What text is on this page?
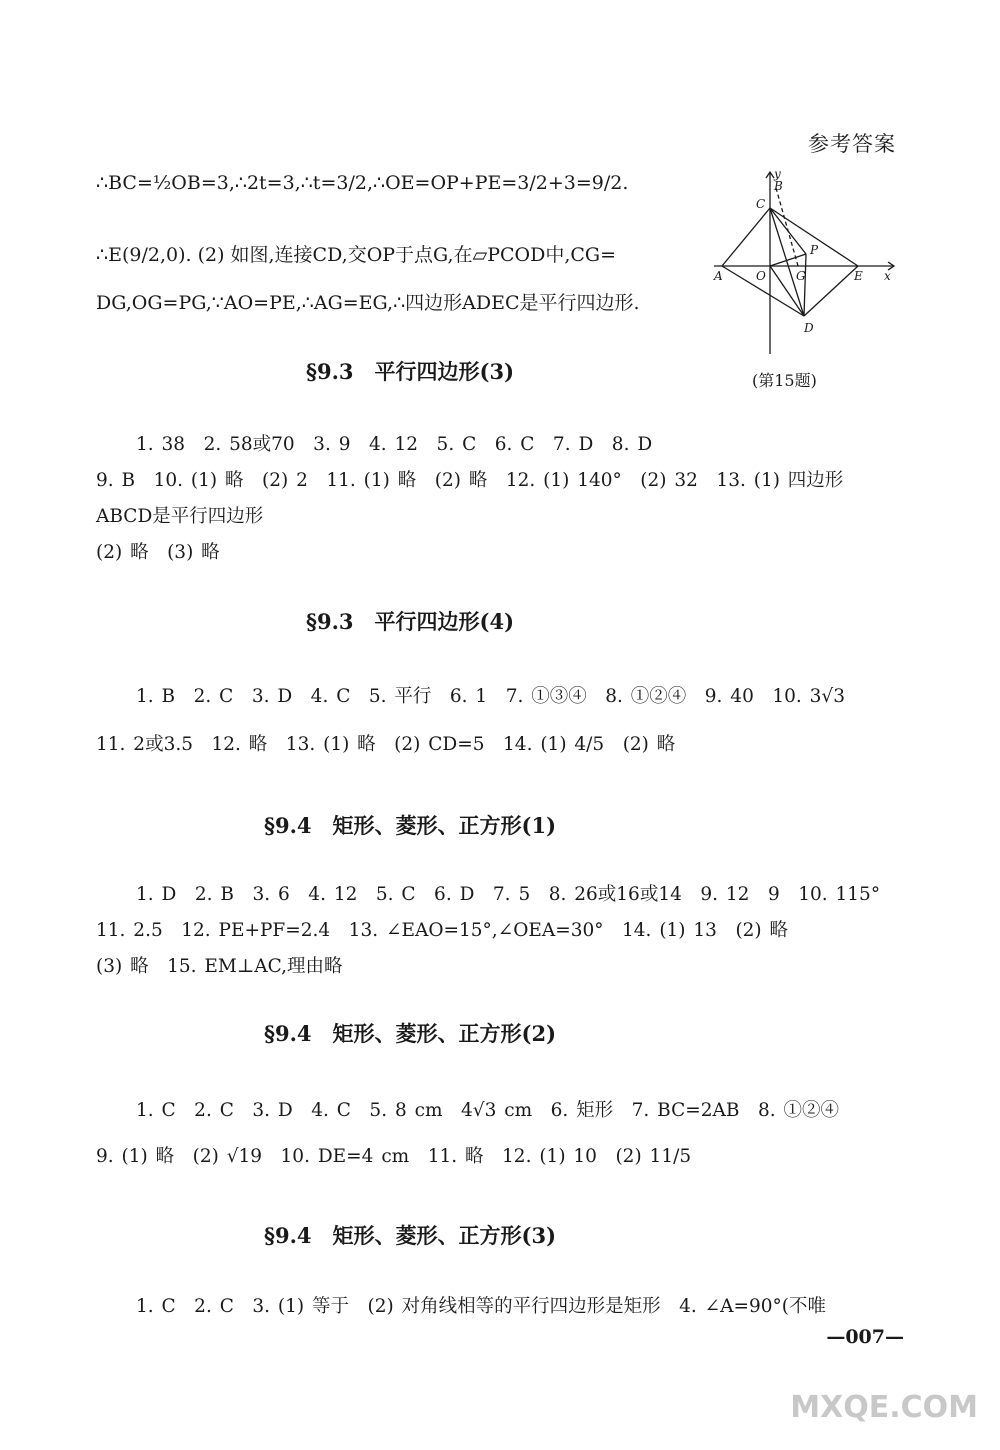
参考答案
∴BC=½OB=3,∴2t=3,∴t=3/2,∴OE=OP+PE=3/2+3=9/2.
∴E(9/2,0). (2) 如图,连接CD,交OP于点G,在▱PCOD中,CG=
DG,OG=PG,∵AO=PE,∴AG=EG,∴四边形ADEC是平行四边形.
y
B
C
A	O	G
P
E x
D
(第15题)
§9.3　平行四边形(3)
1. 38　2. 58或70　3. 9　4. 12　5. C　6. C　7. D　8. D
9. B　10. (1) 略　(2) 2　11. (1) 略　(2) 略　12. (1) 140°　(2) 32　13. (1) 四边形
ABCD是平行四边形
(2) 略　(3) 略
§9.3　平行四边形(4)
1. B　2. C　3. D　4. C　5. 平行　6. 1　7. ①③④　8. ①②④　9. 40　10. 3√3
11. 2或3.5　12. 略　13. (1) 略　(2) CD=5　14. (1) 4/5　(2) 略
§9.4　矩形、菱形、正方形(1)
1. D　2. B　3. 6　4. 12　5. C　6. D　7. 5　8. 26或16或14　9. 12　9　10. 115°
11. 2.5　12. PE+PF=2.4　13. ∠EAO=15°,∠OEA=30°　14. (1) 13　(2) 略
(3) 略　15. EM⊥AC,理由略
§9.4　矩形、菱形、正方形(2)
1. C　2. C　3. D　4. C　5. 8 cm　4√3 cm　6. 矩形　7. BC=2AB　8. ①②④
9. (1) 略　(2) √19　10. DE=4 cm　11. 略　12. (1) 10　(2) 11/5
§9.4　矩形、菱形、正方形(3)
1. C　2. C　3. (1) 等于　(2) 对角线相等的平行四边形是矩形　4. ∠A=90°(不唯
—007—
MXQE.COM
